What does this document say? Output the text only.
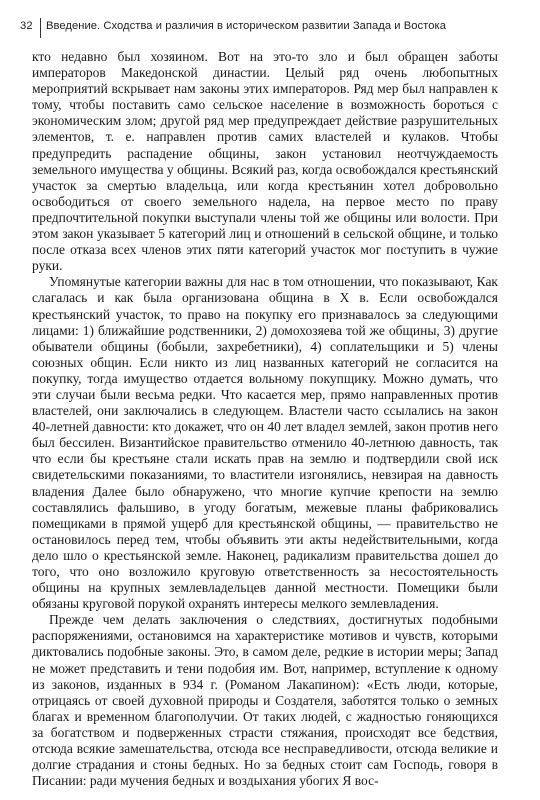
32 Введение. Сходства и различия в историческом развитии Запада и Востока

кто недавно был хозяином. Вот на это-то зло и был обращен заботы императоров Македонской династии. Целый ряд очень любопытных мероприятий вскрывает нам законы этих императоров. Ряд мер был направлен к тому, чтобы поставить само сельское население в возможность бороться с экономическим злом; другой ряд мер предупреждает действие разрушительных элементов, т. е. направлен против самих властелей и кулаков. Чтобы предупредить распадение общины, закон установил неотчуждаемость земельного имущества у общины. Всякий раз, когда освобождался крестьянский участок за смертью владельца, или когда крестьянин хотел добровольно освободиться от своего земельного надела, на первое место по праву предпочтительной покупки выступали члены той же общины или волости. При этом закон указывает 5 категорий лиц и отношений в сельской общине, и только после отказа всех членов этих пяти категорий участок мог поступить в чужие руки.

Упомянутые категории важны для нас в том отношении, что показывают, Как слагалась и как была организована община в X в. Если освобождался крестьянский участок, то право на покупку его признавалось за следующими лицами: 1) ближайшие родственники, 2) домохозяева той же общины, 3) другие обыватели общины (бобыли, захребетники), 4) соплательщики и 5) члены союзных общин. Если никто из лиц названных категорий не согласится на покупку, тогда имущество отдается вольному покупщику. Можно думать, что эти случаи были весьма редки. Что касается мер, прямо направленных против властелей, они заключались в следующем. Властели часто ссылались на закон 40-летней давности: кто докажет, что он 40 лет владел землей, закон против него был бессилен. Византийское правительство отменило 40-летнюю давность, так что если бы крестьяне стали искать прав на землю и подтвердили свой иск свидетельскими показаниями, то властители изгонялись, невзирая на давность владения Далее было обнаружено, что многие купчие крепости на землю составлялись фальшиво, в угоду богатым, межевые планы фабриковались помещиками в прямой ущерб для крестьянской общины, — правительство не остановилось перед тем, чтобы объявить эти акты недействительными, когда дело шло о крестьянской земле. Наконец, радикализм правительства дошел до того, что оно возложило круговую ответственность за несостоятельность общины на крупных землевладельцев данной местности. Помещики были обязаны круговой порукой охранять интересы мелкого землевладения.

Прежде чем делать заключения о следствиях, достигнутых подобными распоряжениями, остановимся на характеристике мотивов и чувств, которыми диктовались подобные законы. Это, в самом деле, редкие в истории меры; Запад не может представить и тени подобия им. Вот, например, вступление к одному из законов, изданных в 934 г. (Романом Лакапином): «Есть люди, которые, отрицаясь от своей духовной природы и Создателя, заботятся только о земных благах и временном благополучии. От таких людей, с жадностью гоняющихся за богатством и подверженных страсти стяжания, происходят все бедствия, отсюда всякие замешательства, отсюда все несправедливости, отсюда великие и долгие страдания и стоны бедных. Но за бедных стоит сам Господь, говоря в Писании: ради мучения бедных и воздыхания убогих Я вос-
